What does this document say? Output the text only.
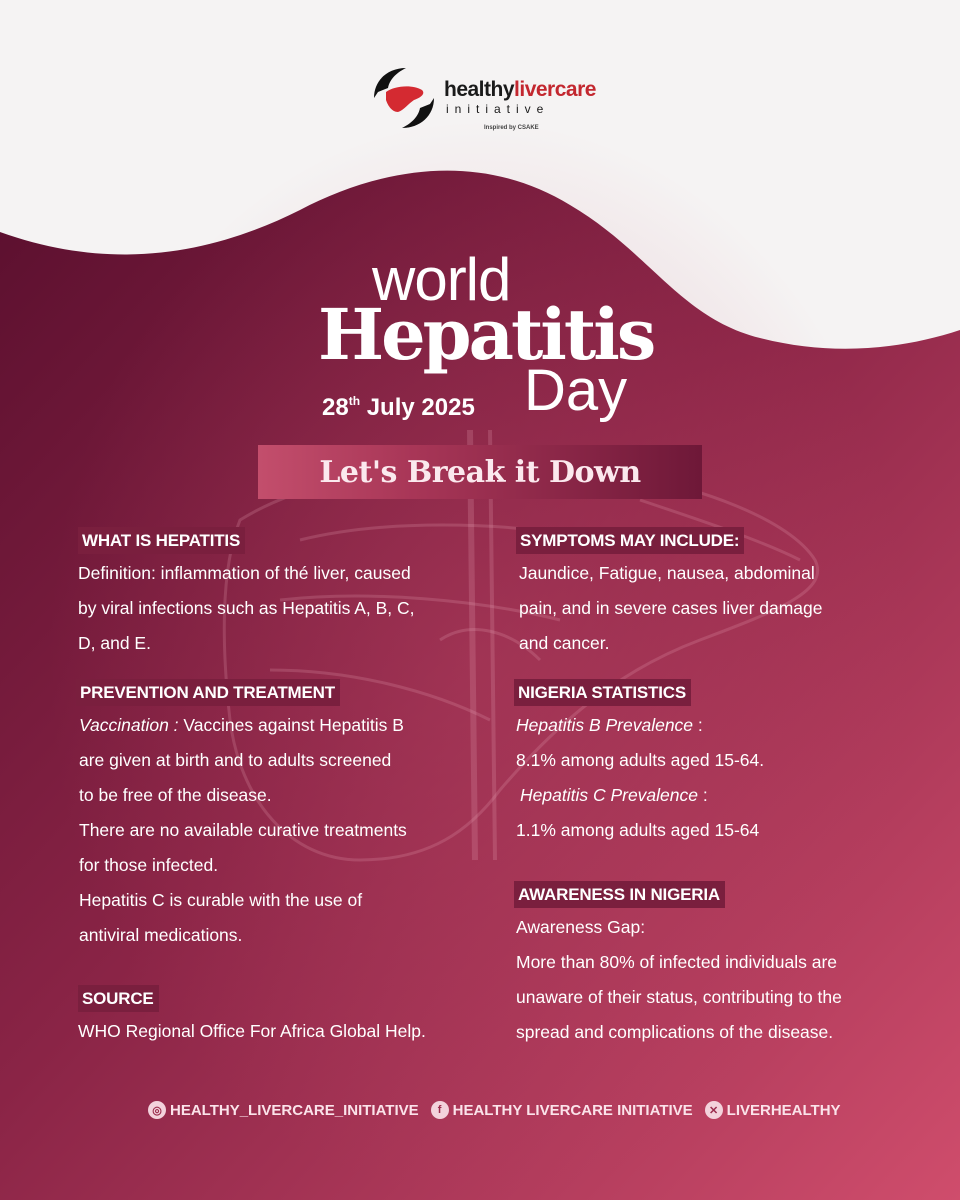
healthylivercare
initiative
Inspired by CSAKE
world
Hepatitis
Day
28th July 2025
Let's Break it Down
WHAT IS HEPATITIS

Definition: inflammation of thé liver, caused

by viral infections such as Hepatitis A, B, C,

D, and E.

SYMPTOMS MAY INCLUDE:

Jaundice, Fatigue, nausea, abdominal

pain, and in severe cases liver damage

and cancer.

PREVENTION AND TREATMENT

Vaccination : Vaccines against Hepatitis B

are given at birth and to adults screened

to be free of the disease.

There are no available curative treatments

for those infected.

Hepatitis C is curable with the use of

antiviral medications.

NIGERIA STATISTICS

Hepatitis B Prevalence :

8.1% among adults aged 15-64.

Hepatitis C Prevalence :

1.1% among adults aged 15-64

AWARENESS IN NIGERIA

Awareness Gap:

More than 80% of infected individuals are

unaware of their status, contributing to the

spread and complications of the disease.

SOURCE

WHO Regional Office For Africa Global Help.

◎ HEALTHY_LIVERCARE_INITIATIVE	f HEALTHY LIVERCARE INITIATIVE	✕ LIVERHEALTHY
